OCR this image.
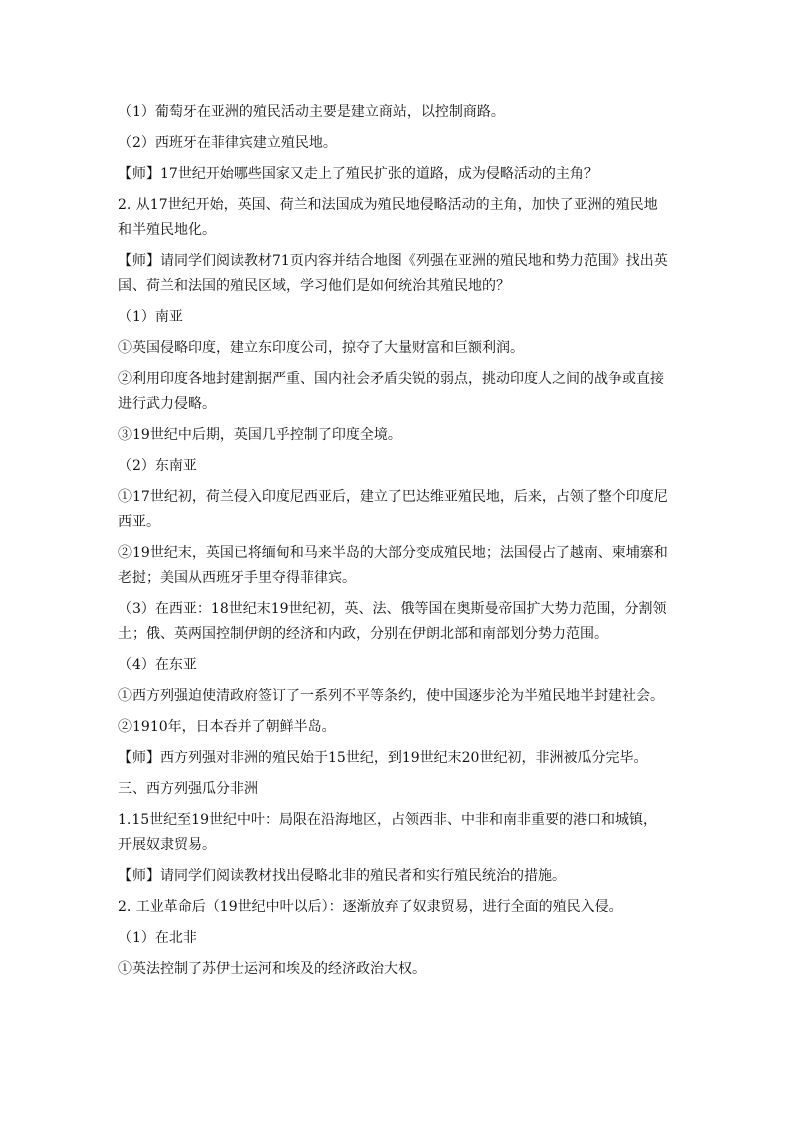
（1）葡萄牙在亚洲的殖民活动主要是建立商站，以控制商路。
（2）西班牙在菲律宾建立殖民地。
【师】17世纪开始哪些国家又走上了殖民扩张的道路，成为侵略活动的主角？
2. 从17世纪开始，英国、荷兰和法国成为殖民地侵略活动的主角，加快了亚洲的殖民地
和半殖民地化。
【师】请同学们阅读教材71页内容并结合地图《列强在亚洲的殖民地和势力范围》找出英
国、荷兰和法国的殖民区域，学习他们是如何统治其殖民地的？
（1）南亚
①英国侵略印度，建立东印度公司，掠夺了大量财富和巨额利润。
②利用印度各地封建割据严重、国内社会矛盾尖锐的弱点，挑动印度人之间的战争或直接
进行武力侵略。
③19世纪中后期，英国几乎控制了印度全境。
（2）东南亚
①17世纪初，荷兰侵入印度尼西亚后，建立了巴达维亚殖民地，后来，占领了整个印度尼
西亚。
②19世纪末，英国已将缅甸和马来半岛的大部分变成殖民地；法国侵占了越南、柬埔寨和
老挝；美国从西班牙手里夺得菲律宾。
（3）在西亚：18世纪末19世纪初，英、法、俄等国在奥斯曼帝国扩大势力范围，分割领
土；俄、英两国控制伊朗的经济和内政，分别在伊朗北部和南部划分势力范围。
（4）在东亚
①西方列强迫使清政府签订了一系列不平等条约，使中国逐步沦为半殖民地半封建社会。
②1910年，日本吞并了朝鲜半岛。
【师】西方列强对非洲的殖民始于15世纪，到19世纪末20世纪初，非洲被瓜分完毕。
三、西方列强瓜分非洲
1.15世纪至19世纪中叶：局限在沿海地区，占领西非、中非和南非重要的港口和城镇，
开展奴隶贸易。
【师】请同学们阅读教材找出侵略北非的殖民者和实行殖民统治的措施。
2. 工业革命后（19世纪中叶以后）：逐渐放弃了奴隶贸易，进行全面的殖民入侵。
（1）在北非
①英法控制了苏伊士运河和埃及的经济政治大权。
